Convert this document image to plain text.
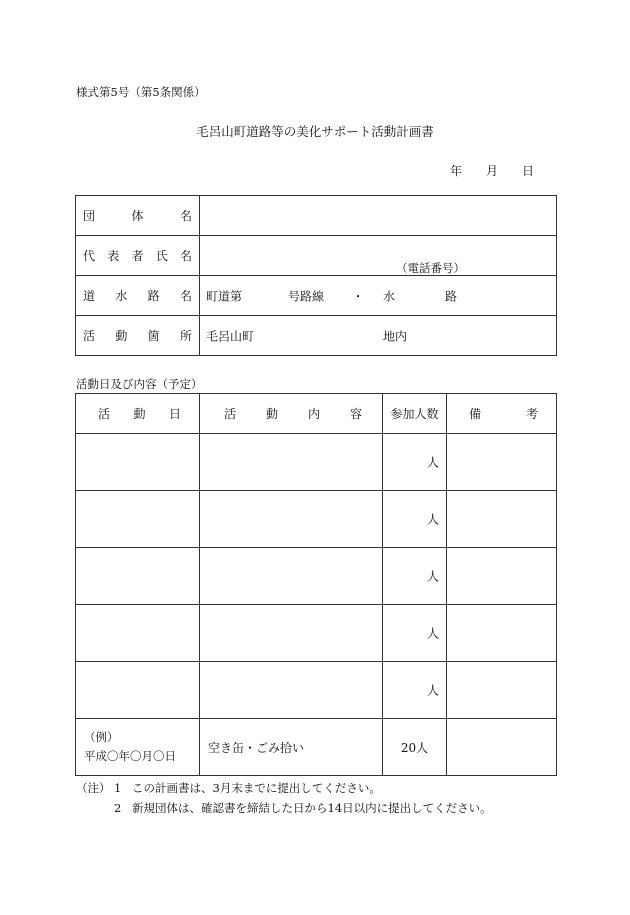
様式第5号（第5条関係）
毛呂山町道路等の美化サポート活動計画書
年 月 日
団 体 名	

代 表 者 氏 名	（電話番号）

道 水 路 名	町道第 号路線 ・ 水 路

活 動 箇 所	毛呂山町 地内
活動日及び内容（予定）
活 動 日	活 動 内 容	参加人数	備 考

		人	

		人	

		人	

		人	

		人	

（例）
平成〇年〇月〇日	空き缶・ごみ拾い	20人	
（注） 1 この計画書は、3月末までに提出してください。
2 新規団体は、確認書を締結した日から14日以内に提出してください。
